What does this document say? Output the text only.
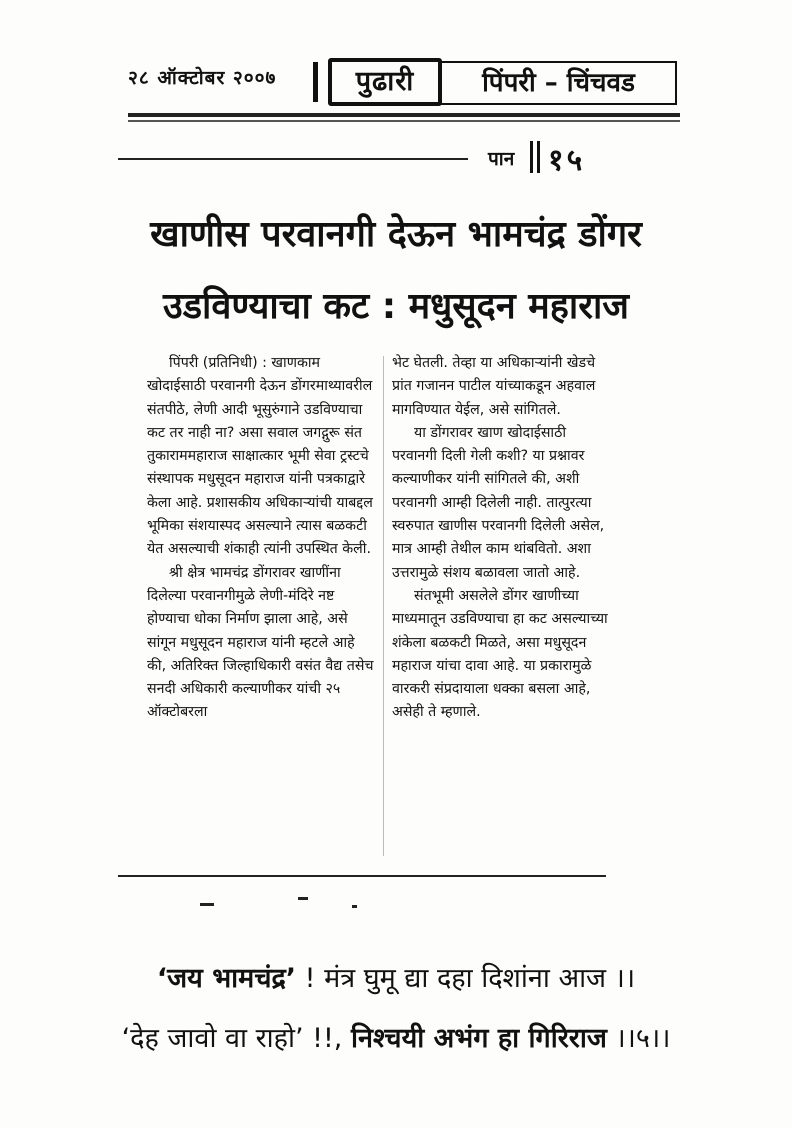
२८ ऑक्टोबर २००७	पुढारी	पिंपरी – चिंचवड
पान १५
खाणीस परवानगी देऊन भामचंद्र डोंगर
उडविण्याचा कट : मधुसूदन महाराज

पिंपरी (प्रतिनिधी) : खाणकाम खोदाईसाठी परवानगी देऊन डोंगरमाथ्यावरील संतपीठे, लेणी आदी भूसुरुंगाने उडविण्याचा कट तर नाही ना? असा सवाल जगद्गुरू संत तुकाराममहाराज साक्षात्कार भूमी सेवा ट्रस्टचे संस्थापक मधुसूदन महाराज यांनी पत्रकाद्वारे केला आहे. प्रशासकीय अधिकाऱ्यांची याबद्दल भूमिका संशयास्पद असल्याने त्यास बळकटी येत असल्याची शंकाही त्यांनी उपस्थित केली.

श्री क्षेत्र भामचंद्र डोंगरावर खाणींना दिलेल्या परवानगीमुळे लेणी-मंदिरे नष्ट होण्याचा धोका निर्माण झाला आहे, असे सांगून मधुसूदन महाराज यांनी म्हटले आहे की, अतिरिक्त जिल्हाधिकारी वसंत वैद्य तसेच सनदी अधिकारी कल्याणीकर यांची २५ ऑक्टोबरला

भेट घेतली. तेव्हा या अधिकाऱ्यांनी खेडचे प्रांत गजानन पाटील यांच्याकडून अहवाल मागविण्यात येईल, असे सांगितले.

या डोंगरावर खाण खोदाईसाठी परवानगी दिली गेली कशी? या प्रश्नावर कल्याणीकर यांनी सांगितले की, अशी परवानगी आम्ही दिलेली नाही. तात्पुरत्या स्वरुपात खाणीस परवानगी दिलेली असेल, मात्र आम्ही तेथील काम थांबवितो. अशा उत्तरामुळे संशय बळावला जातो आहे.

संतभूमी असलेले डोंगर खाणीच्या माध्यमातून उडविण्याचा हा कट असल्याच्या शंकेला बळकटी मिळते, असा मधुसूदन महाराज यांचा दावा आहे. या प्रकारामुळे वारकरी संप्रदायाला धक्का बसला आहे, असेही ते म्हणाले.

‘जय भामचंद्र’ ! मंत्र घुमू द्या दहा दिशांना आज ।।
‘देह जावो वा राहो’ !!, निश्चयी अभंग हा गिरिराज ।।५।।
